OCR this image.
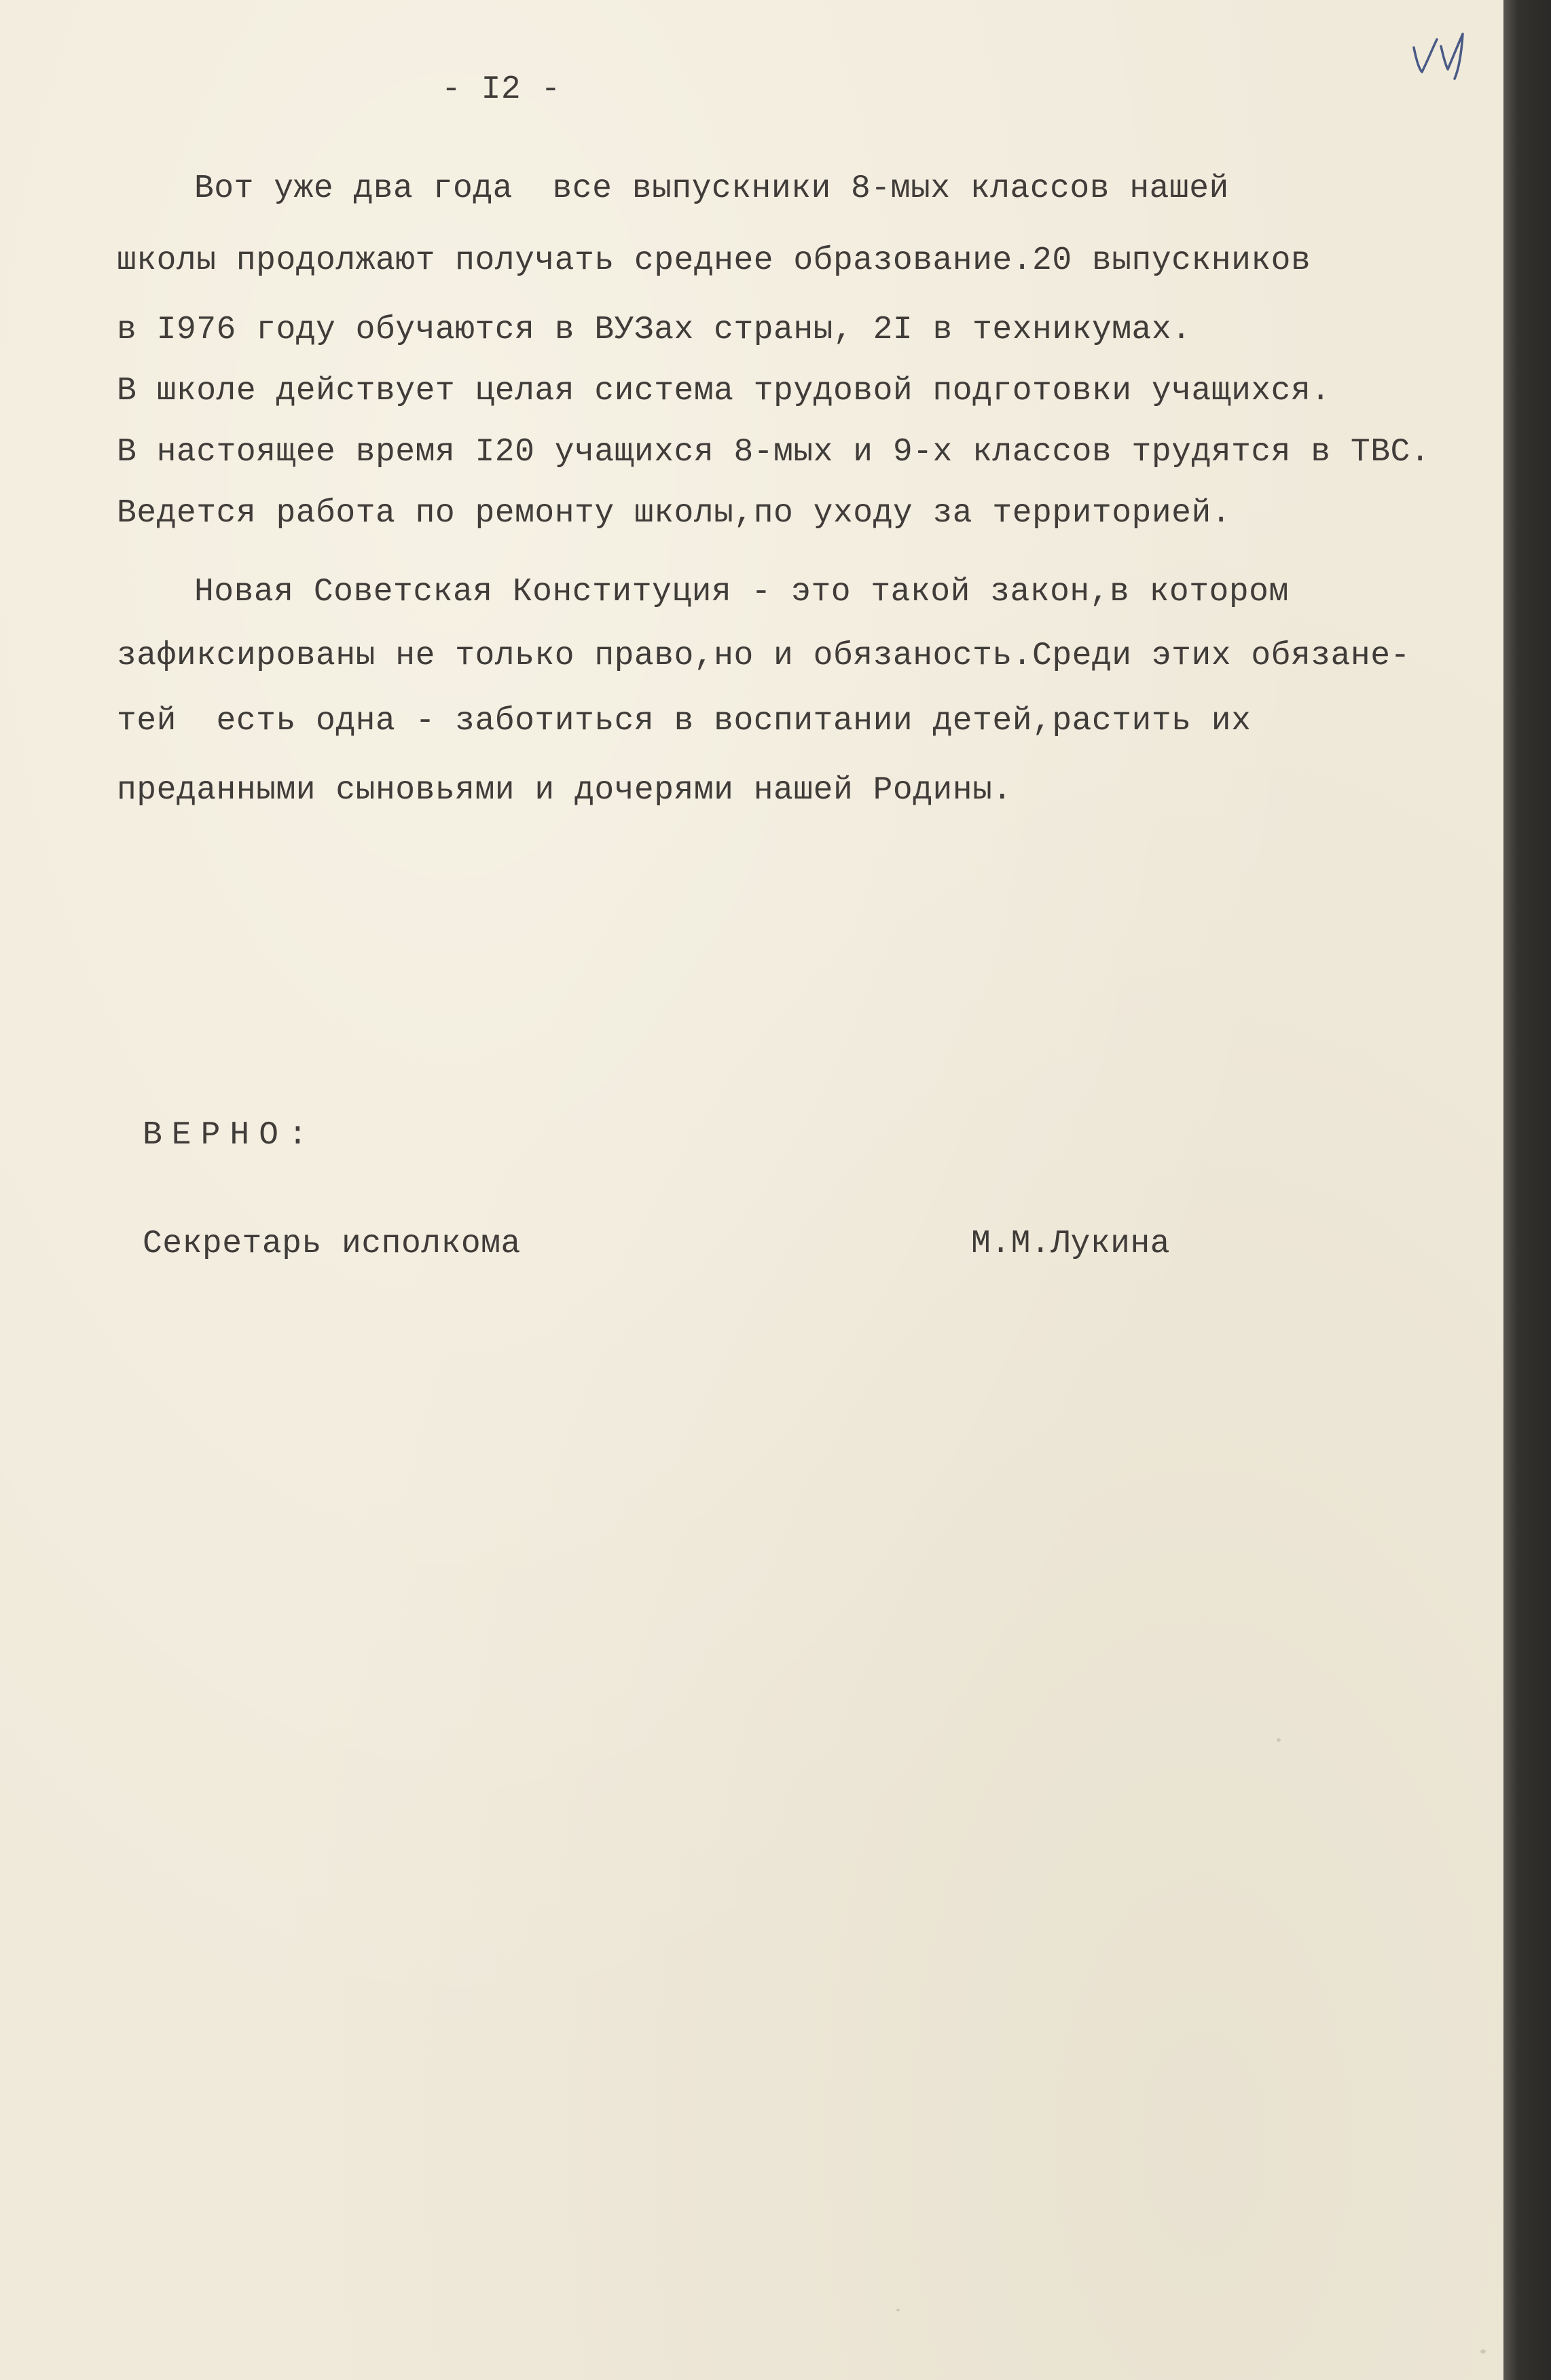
- I2 -
Вот уже два года  все выпускники 8-мых классов нашей
школы продолжают получать среднее образование.20 выпускников
в I976 году обучаются в ВУЗах страны, 2I в техникумах.
В школе действует целая система трудовой подготовки учащихся.
В настоящее время I20 учащихся 8-мых и 9-х классов трудятся в ТВС.
Ведется работа по ремонту школы,по уходу за территорией.
Новая Советская Конституция - это такой закон,в котором
зафиксированы не только право,но и обязаность.Среди этих обязане-
тей  есть одна - заботиться в воспитании детей,растить их
преданными сыновьями и дочерями нашей Родины.
ВЕРНО:
Секретарь исполкома	М.М.Лукина
